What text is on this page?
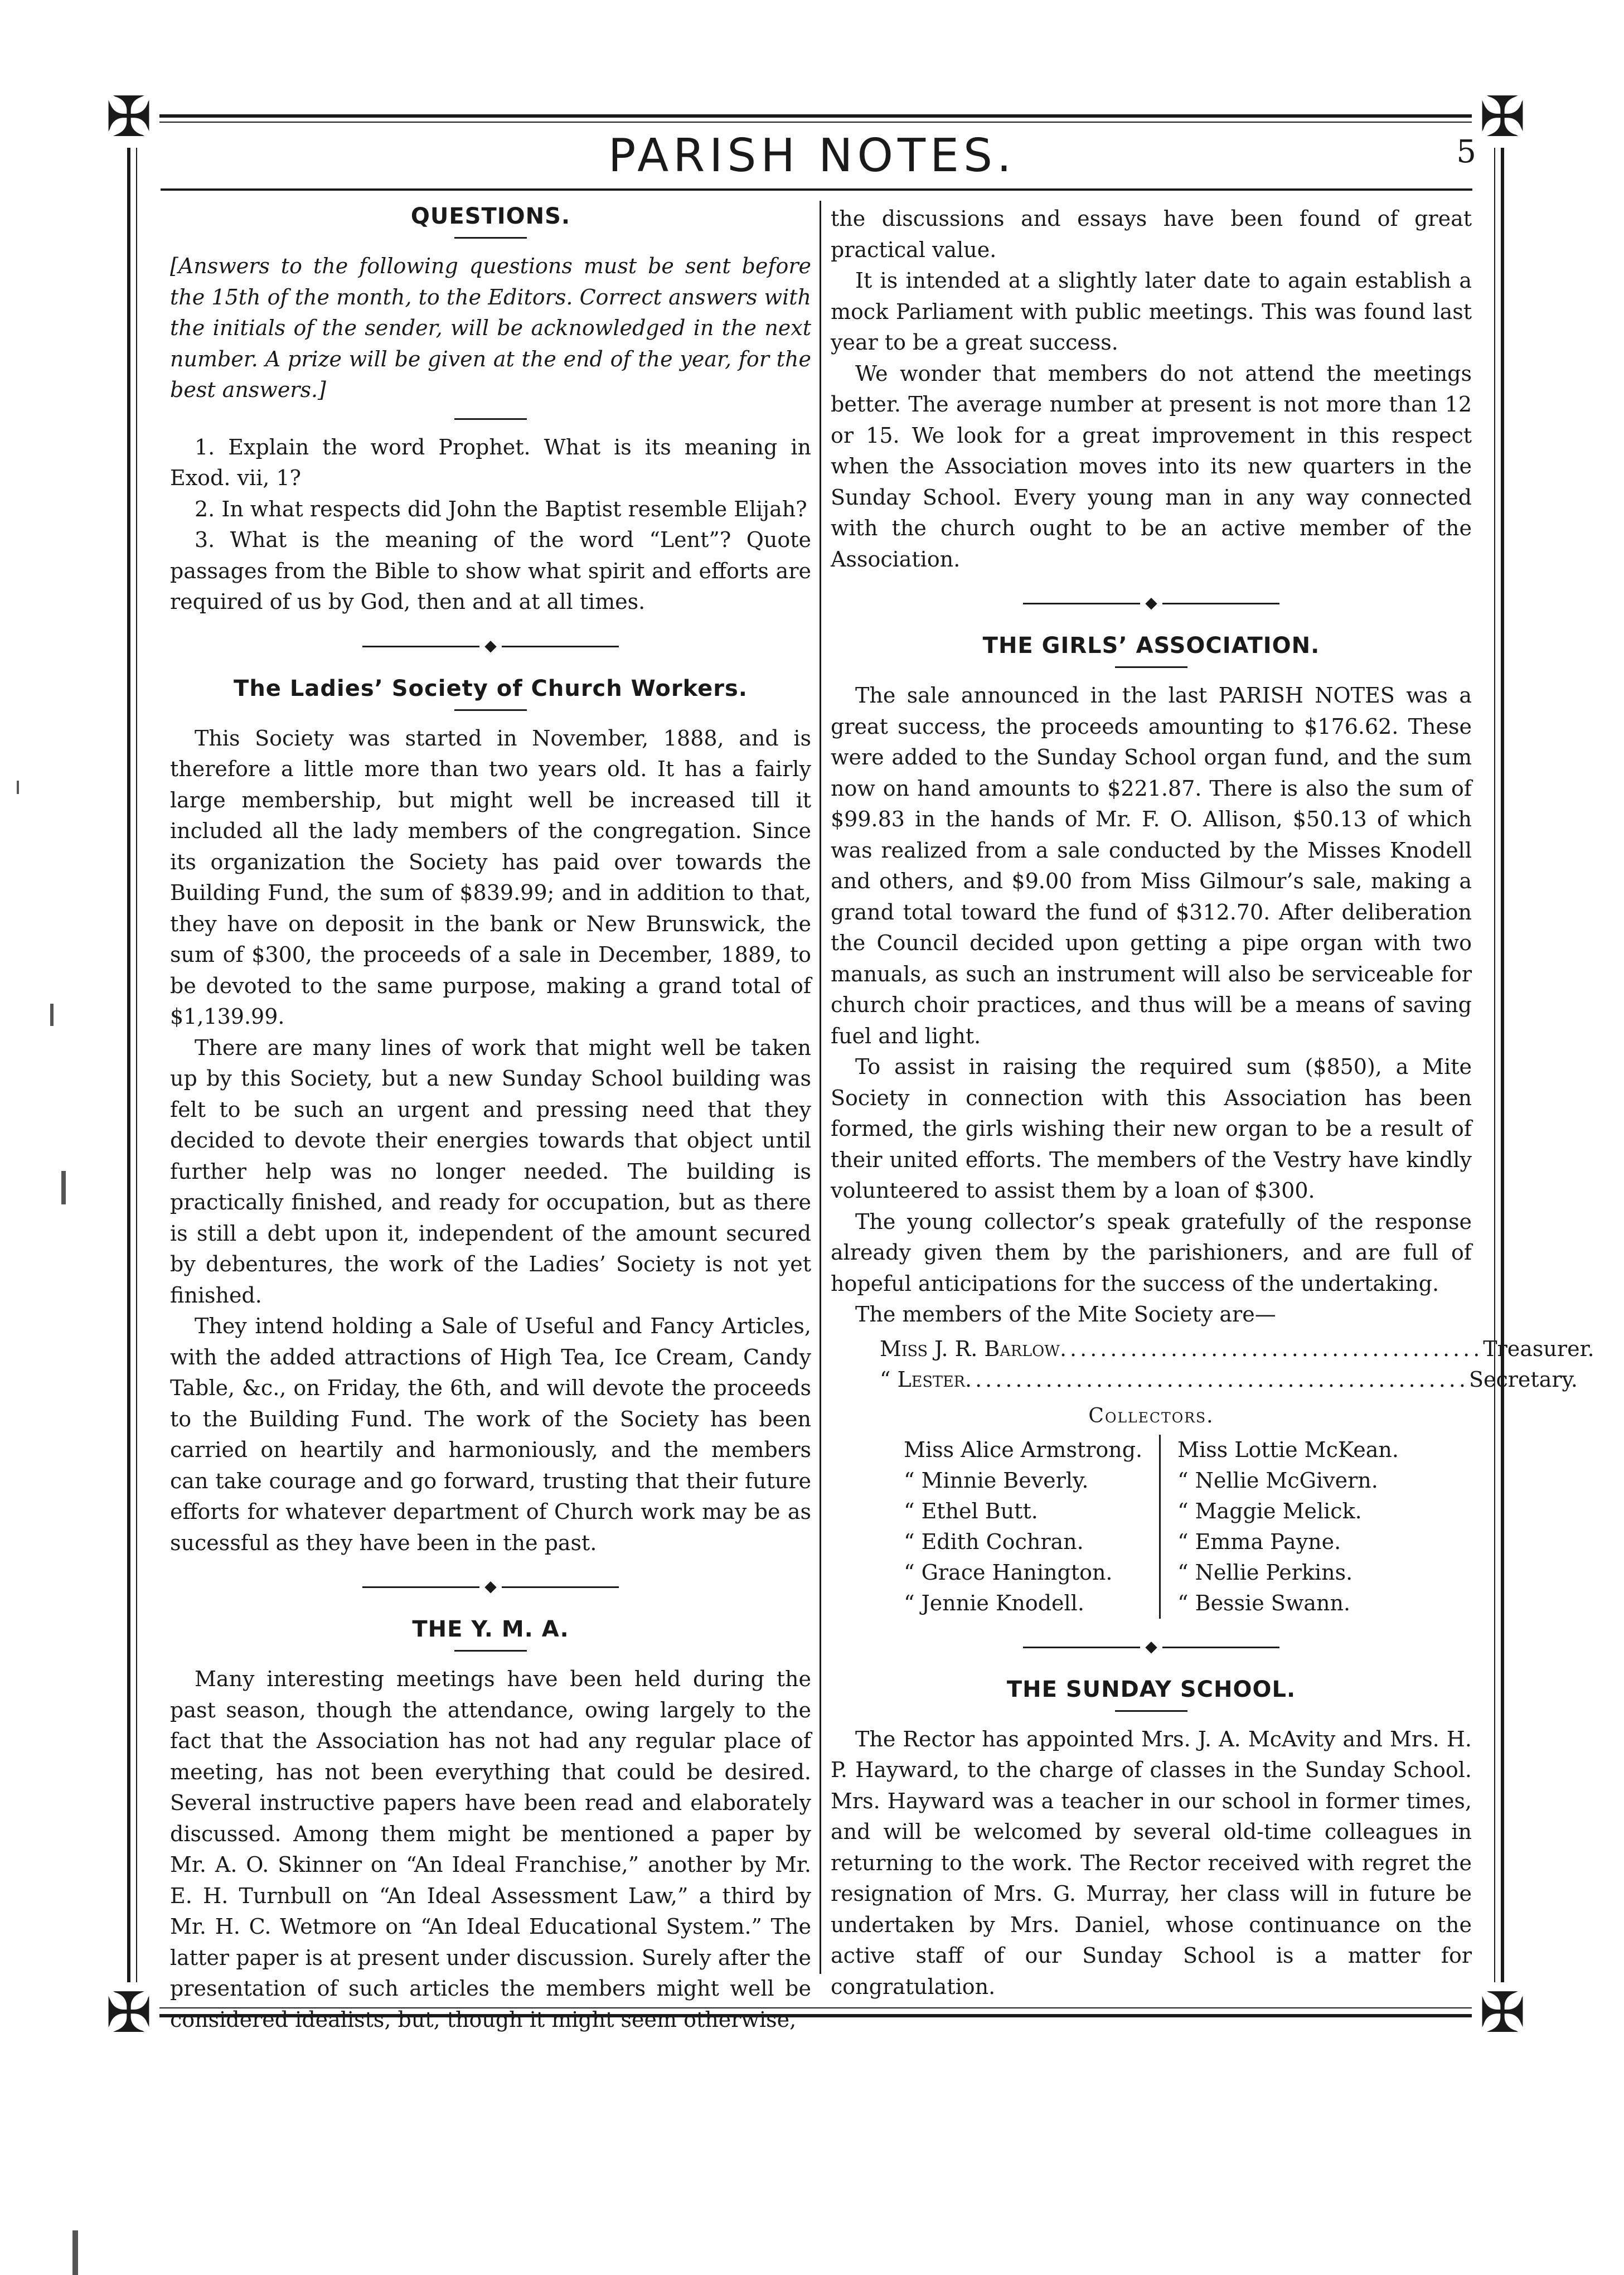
✠	✠
✠	✠
PARISH NOTES.	5
QUESTIONS.

[Answers to the following questions must be sent before the 15th of the month, to the Editors. Correct answers with the initials of the sender, will be acknowledged in the next number. A prize will be given at the end of the year, for the best answers.]

1. Explain the word Prophet. What is its meaning in Exod. vii, 1?

2. In what respects did John the Baptist resemble Elijah?

3. What is the meaning of the word “Lent”? Quote passages from the Bible to show what spirit and efforts are required of us by God, then and at all times.

◆
The Ladies’ Society of Church Workers.

This Society was started in November, 1888, and is therefore a little more than two years old. It has a fairly large membership, but might well be increased till it included all the lady members of the congregation. Since its organization the Society has paid over towards the Building Fund, the sum of $839.99; and in addition to that, they have on deposit in the bank or New Brunswick, the sum of $300, the proceeds of a sale in December, 1889, to be devoted to the same purpose, making a grand total of $1,139.99.

There are many lines of work that might well be taken up by this Society, but a new Sunday School building was felt to be such an urgent and pressing need that they decided to devote their energies towards that object until further help was no longer needed. The building is practically finished, and ready for occupation, but as there is still a debt upon it, independent of the amount secured by debentures, the work of the Ladies’ Society is not yet finished.

They intend holding a Sale of Useful and Fancy Articles, with the added attractions of High Tea, Ice Cream, Candy Table, &c., on Friday, the 6th, and will devote the proceeds to the Building Fund. The work of the Society has been carried on heartily and harmoniously, and the members can take courage and go forward, trusting that their future efforts for whatever department of Church work may be as sucessful as they have been in the past.

◆
THE Y. M. A.

Many interesting meetings have been held during the past season, though the attendance, owing largely to the fact that the Association has not had any regular place of meeting, has not been everything that could be desired. Several instructive papers have been read and elaborately discussed. Among them might be mentioned a paper by Mr. A. O. Skinner on “An Ideal Franchise,” another by Mr. E. H. Turnbull on “An Ideal Assessment Law,” a third by Mr. H. C. Wetmore on “An Ideal Educational System.” The latter paper is at present under discussion. Surely after the presentation of such articles the members might well be considered idealists, but, though it might seem otherwise,

the discussions and essays have been found of great practical value.

It is intended at a slightly later date to again establish a mock Parliament with public meetings. This was found last year to be a great success.

We wonder that members do not attend the meetings better. The average number at present is not more than 12 or 15. We look for a great improvement in this respect when the Association moves into its new quarters in the Sunday School. Every young man in any way connected with the church ought to be an active member of the Association.

◆
THE GIRLS’ ASSOCIATION.

The sale announced in the last PARISH NOTES was a great success, the proceeds amounting to $176.62. These were added to the Sunday School organ fund, and the sum now on hand amounts to $221.87. There is also the sum of $99.83 in the hands of Mr. F. O. Allison, $50.13 of which was realized from a sale conducted by the Misses Knodell and others, and $9.00 from Miss Gilmour’s sale, making a grand total toward the fund of $312.70. After deliberation the Council decided upon getting a pipe organ with two manuals, as such an instrument will also be serviceable for church choir practices, and thus will be a means of saving fuel and light.

To assist in raising the required sum ($850), a Mite Society in connection with this Association has been formed, the girls wishing their new organ to be a result of their united efforts. The members of the Vestry have kindly volunteered to assist them by a loan of $300.

The young collector’s speak gratefully of the response already given them by the parishioners, and are full of hopeful anticipations for the success of the undertaking.

The members of the Mite Society are—

Miss J. R. Barlow .......................................... Treasurer.
“ Lester .................................................. Secretary.
Collectors.
Miss Alice Armstrong.
“ Minnie Beverly.
“ Ethel Butt.
“ Edith Cochran.
“ Grace Hanington.
“ Jennie Knodell.
Miss Lottie McKean.
“ Nellie McGivern.
“ Maggie Melick.
“ Emma Payne.
“ Nellie Perkins.
“ Bessie Swann.
◆
THE SUNDAY SCHOOL.

The Rector has appointed Mrs. J. A. McAvity and Mrs. H. P. Hayward, to the charge of classes in the Sunday School. Mrs. Hayward was a teacher in our school in former times, and will be welcomed by several old-time colleagues in returning to the work. The Rector received with regret the resignation of Mrs. G. Murray, her class will in future be undertaken by Mrs. Daniel, whose continuance on the active staff of our Sunday School is a matter for congratulation.
